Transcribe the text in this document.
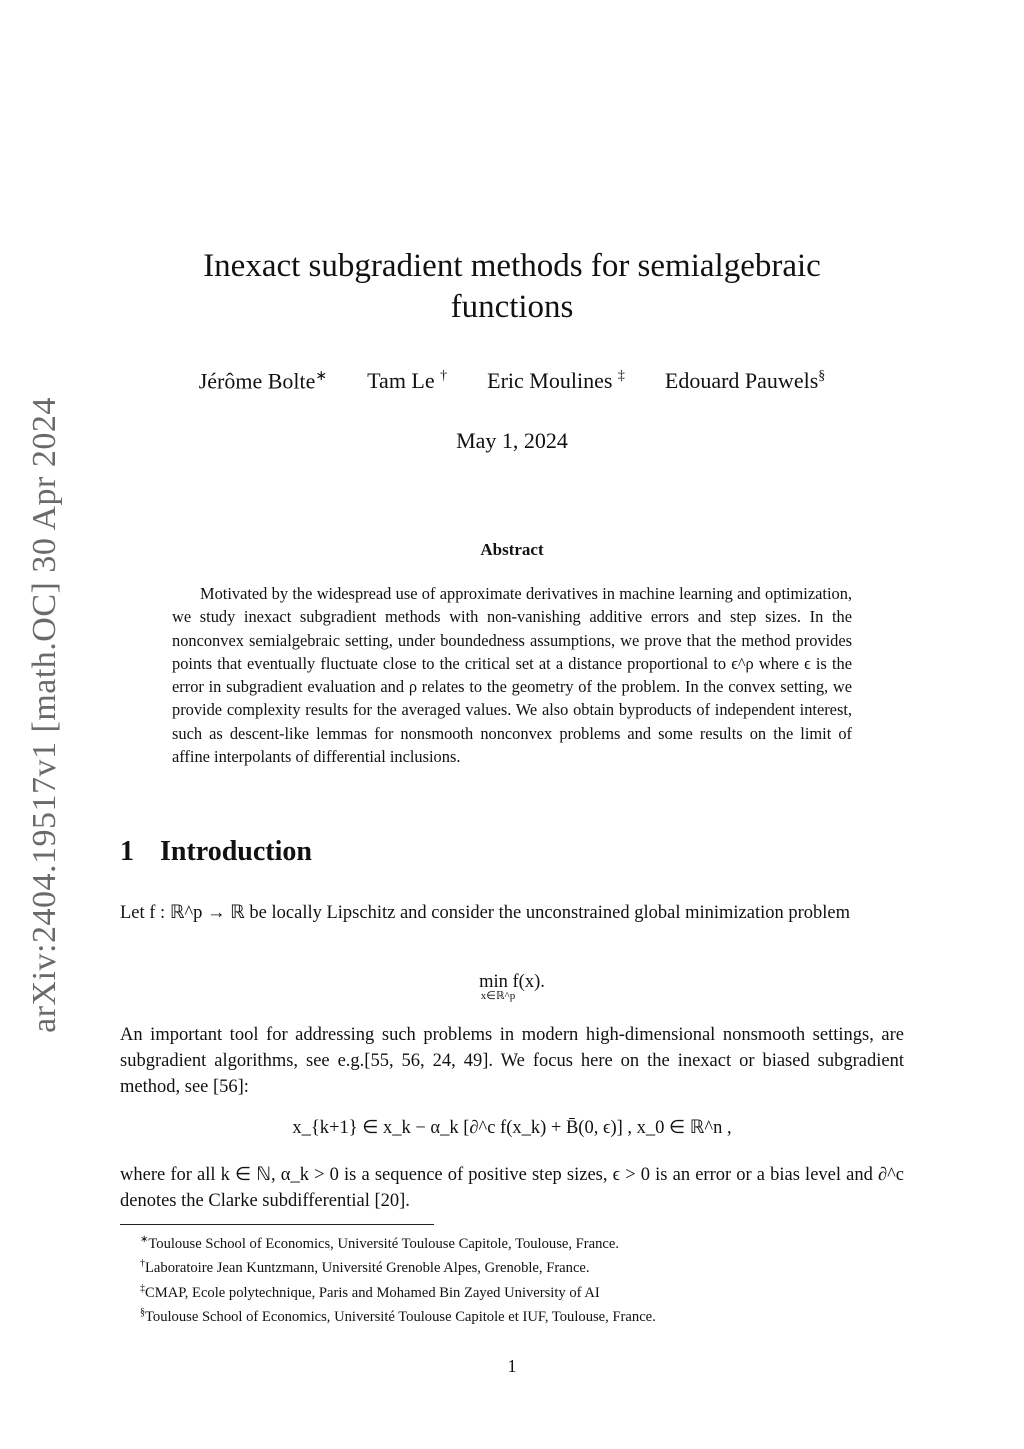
arXiv:2404.19517v1 [math.OC] 30 Apr 2024
Inexact subgradient methods for semialgebraic functions
Jérôme Bolte∗ Tam Le † Eric Moulines ‡ Edouard Pauwels§
May 1, 2024
Abstract

Motivated by the widespread use of approximate derivatives in machine learning and optimization, we study inexact subgradient methods with non-vanishing additive errors and step sizes. In the nonconvex semialgebraic setting, under boundedness assumptions, we prove that the method provides points that eventually fluctuate close to the critical set at a distance proportional to ϵ^ρ where ϵ is the error in subgradient evaluation and ρ relates to the geometry of the problem. In the convex setting, we provide complexity results for the averaged values. We also obtain byproducts of independent interest, such as descent-like lemmas for nonsmooth nonconvex problems and some results on the limit of affine interpolants of differential inclusions.

1 Introduction

Let f : ℝ^p → ℝ be locally Lipschitz and consider the unconstrained global minimization problem

min f(x).
x∈ℝ^p

An important tool for addressing such problems in modern high-dimensional nonsmooth settings, are subgradient algorithms, see e.g.[55, 56, 24, 49]. We focus here on the inexact or biased subgradient method, see [56]:

x_{k+1} ∈ x_k − α_k [∂^c f(x_k) + B̄(0, ϵ)] , x_0 ∈ ℝ^n ,

where for all k ∈ ℕ, α_k > 0 is a sequence of positive step sizes, ϵ > 0 is an error or a bias level and ∂^c denotes the Clarke subdifferential [20].

∗Toulouse School of Economics, Université Toulouse Capitole, Toulouse, France.
†Laboratoire Jean Kuntzmann, Université Grenoble Alpes, Grenoble, France.
‡CMAP, Ecole polytechnique, Paris and Mohamed Bin Zayed University of AI
§Toulouse School of Economics, Université Toulouse Capitole et IUF, Toulouse, France.
1
